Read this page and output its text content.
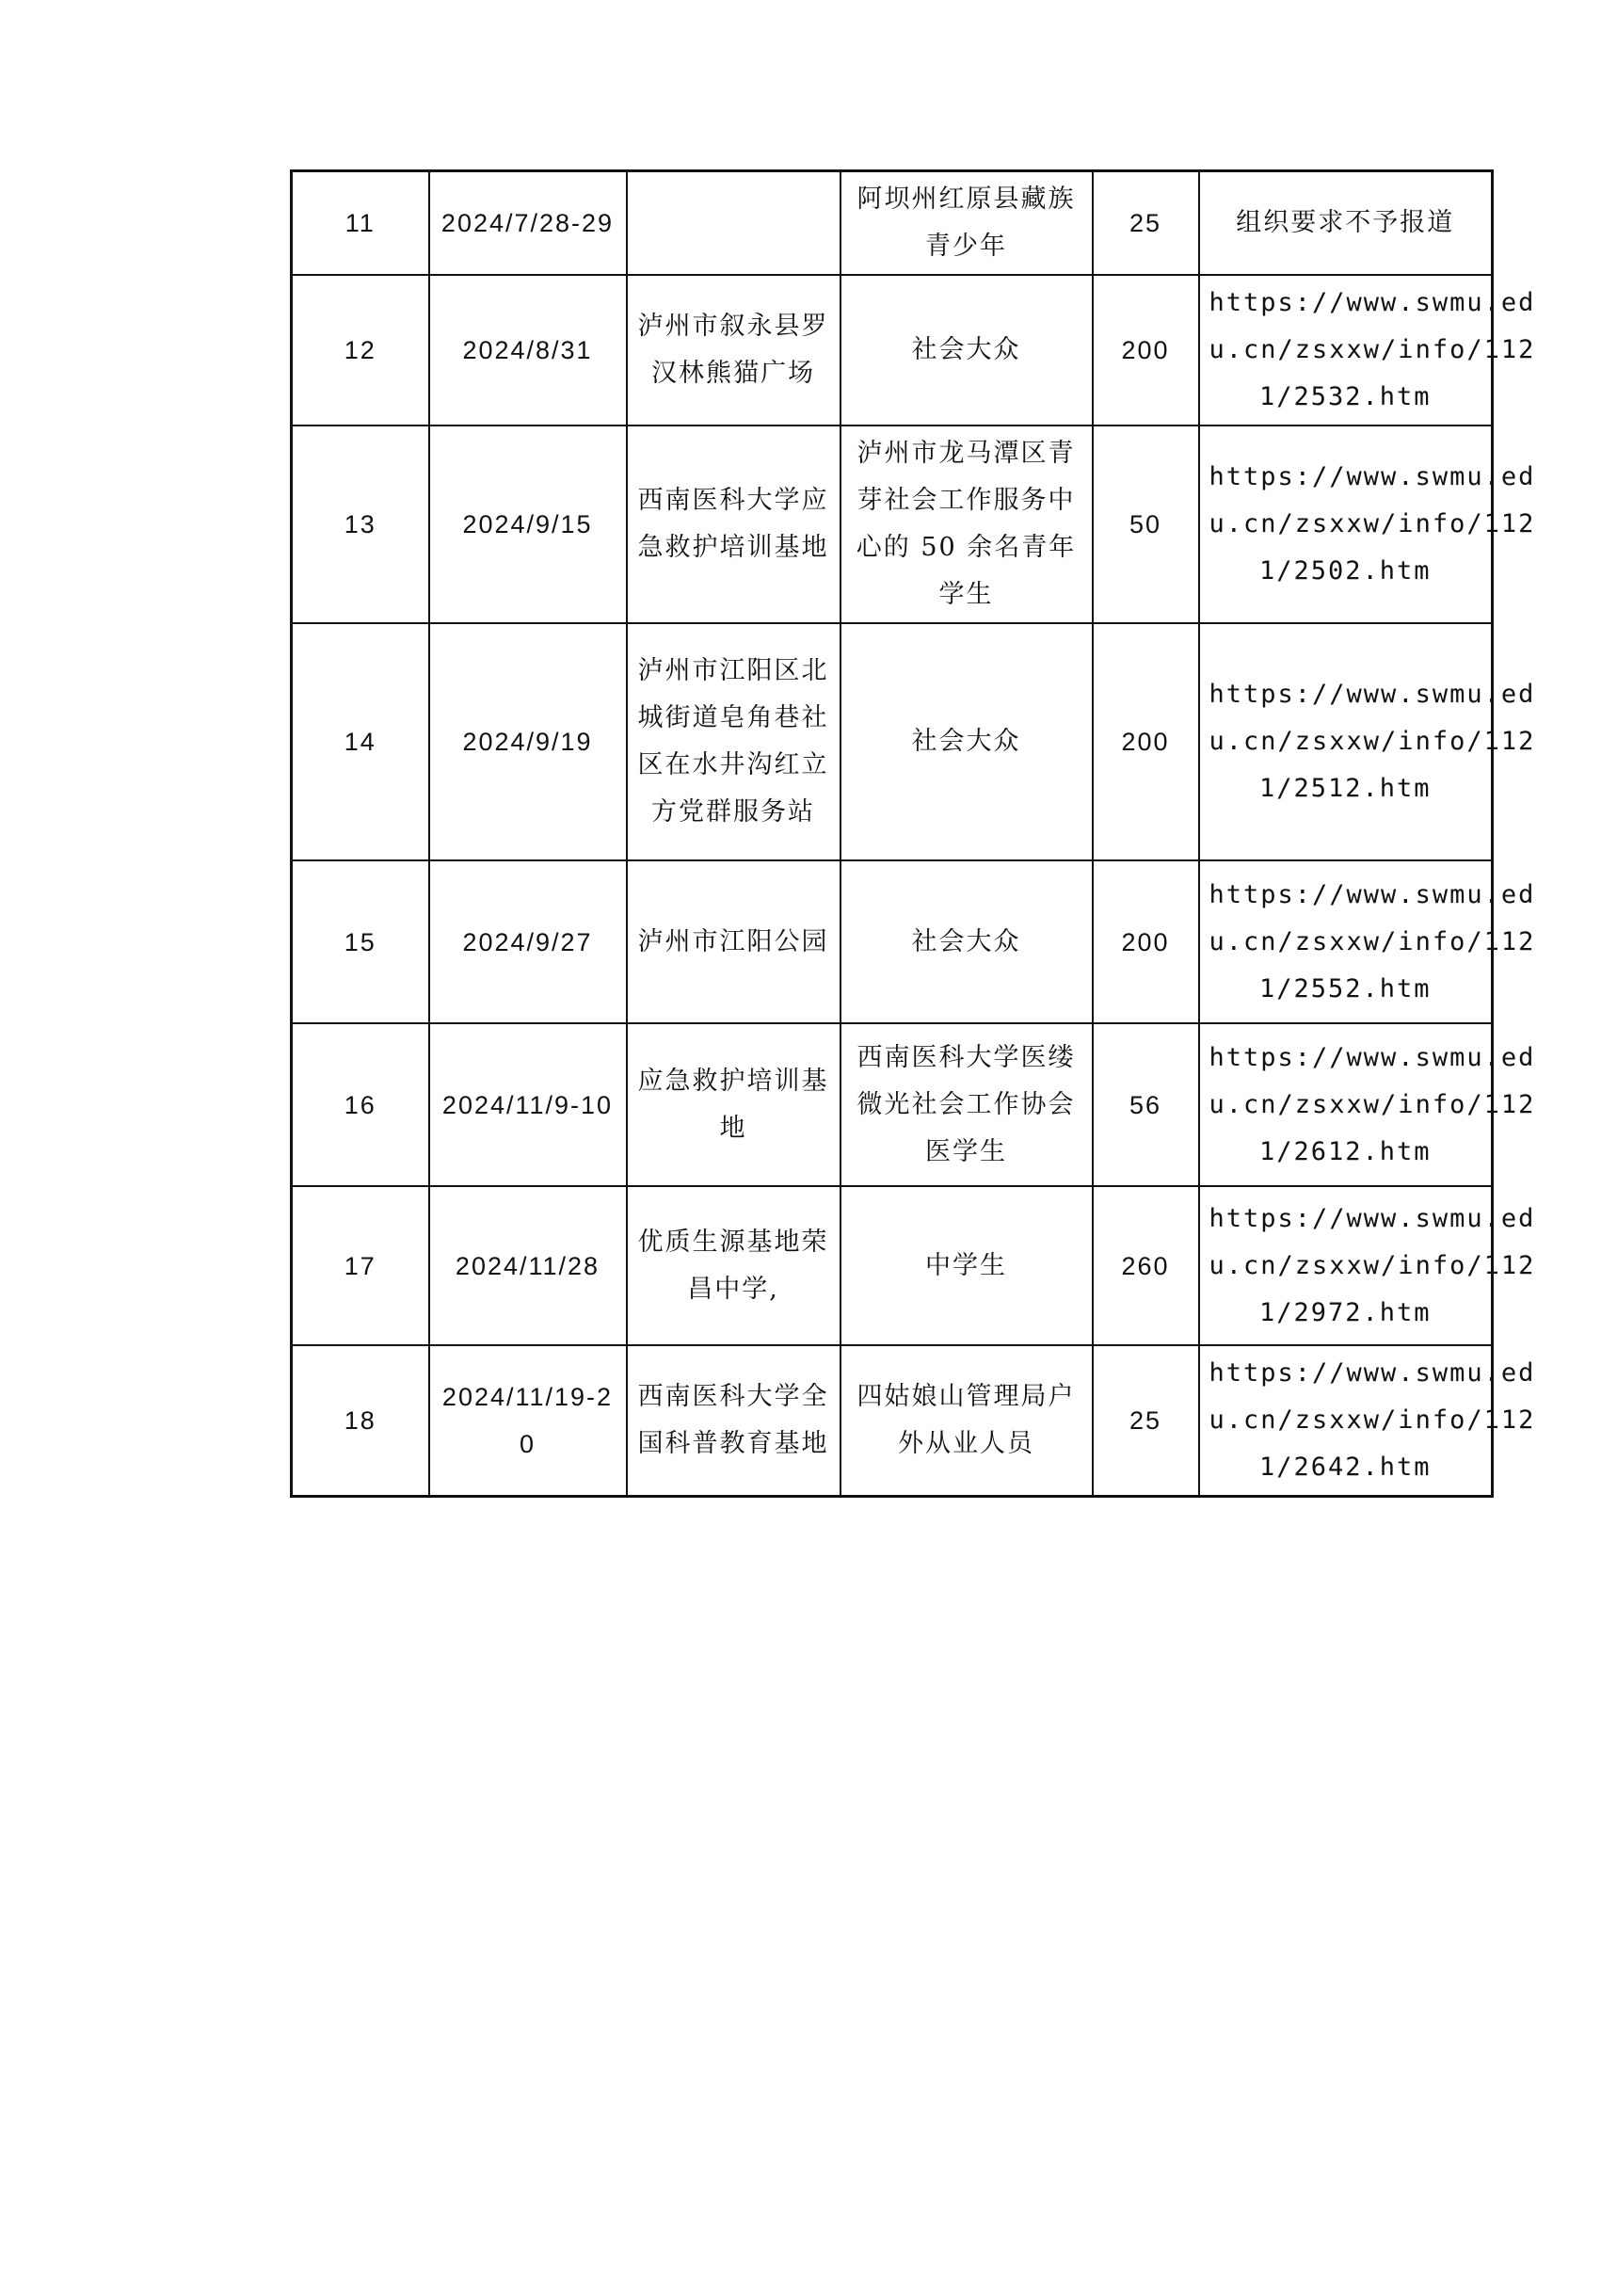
11	2024/7/28-29		阿坝州红原县藏族青少年	25	组织要求不予报道
12	2024/8/31	泸州市叙永县罗汉林熊猫广场	社会大众	200	https://www.swmu.ed
u.cn/zsxxw/info/112
1/2532.htm

13	2024/9/15	西南医科大学应急救护培训基地	泸州市龙马潭区青芽社会工作服务中心的 50 余名青年学生	50	https://www.swmu.ed
u.cn/zsxxw/info/112
1/2502.htm

14	2024/9/19	泸州市江阳区北城街道皂角巷社区在水井沟红立方党群服务站	社会大众	200	https://www.swmu.ed
u.cn/zsxxw/info/112
1/2512.htm

15	2024/9/27	泸州市江阳公园	社会大众	200	https://www.swmu.ed
u.cn/zsxxw/info/112
1/2552.htm

16	2024/11/9-10	应急救护培训基地	西南医科大学医缕微光社会工作协会医学生	56	https://www.swmu.ed
u.cn/zsxxw/info/112
1/2612.htm

17	2024/11/28	优质生源基地荣昌中学,	中学生	260	https://www.swmu.ed
u.cn/zsxxw/info/112
1/2972.htm

18	2024/11/19-20	西南医科大学全国科普教育基地	四姑娘山管理局户外从业人员	25	https://www.swmu.ed
u.cn/zsxxw/info/112
1/2642.htm
